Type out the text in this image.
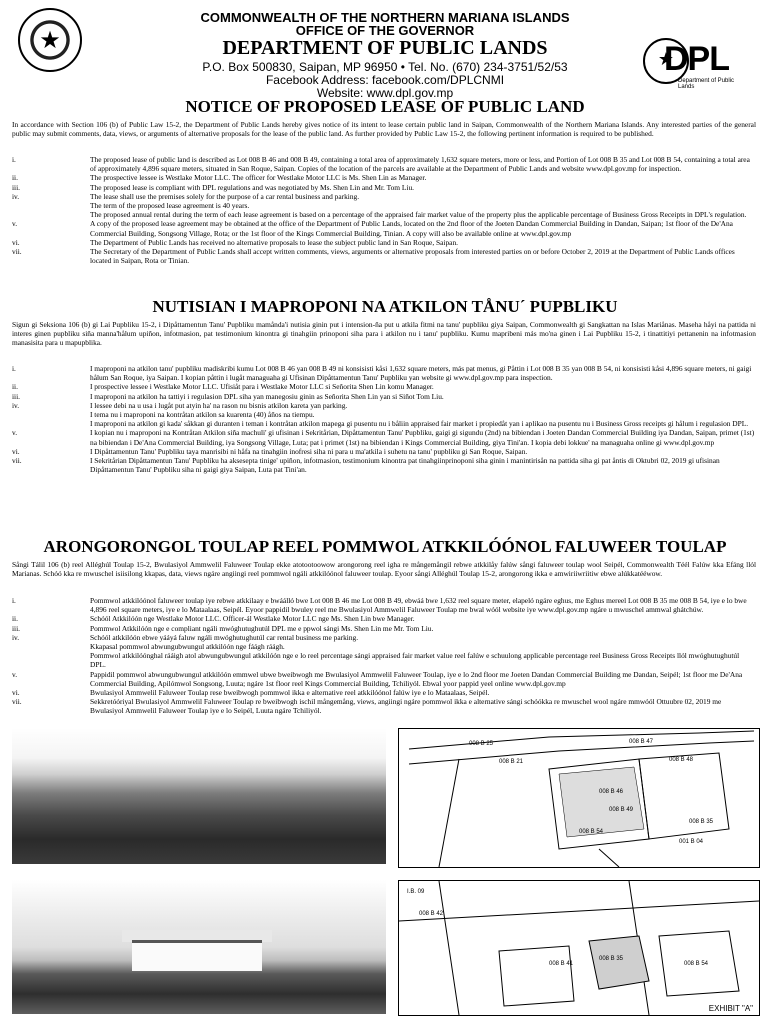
★
COMMONWEALTH OF THE NORTHERN MARIANA ISLANDS
OFFICE OF THE GOVERNOR
DEPARTMENT OF PUBLIC LANDS
P.O. Box 500830, Saipan, MP 96950 • Tel. No. (670) 234-3751/52/53
Facebook Address: facebook.com/DPLCNMI
Website: www.dpl.gov.mp
★
DPL
Department of Public Lands
NOTICE OF PROPOSED LEASE OF PUBLIC LAND
In accordance with Section 106 (b) of Public Law 15-2, the Department of Public Lands hereby gives notice of its intent to lease certain public land in Saipan, Commonwealth of the Northern Mariana Islands. Any interested parties of the general public may submit comments, data, views, or arguments of alternative proposals for the lease of the public land. As further provided by Public Law 15-2, the following pertinent information is required to be published.
i.	The proposed lease of public land is described as Lot 008 B 46 and 008 B 49, containing a total area of approximately 1,632 square meters, more or less, and Portion of Lot 008 B 35 and Lot 008 B 54, containing a total area of approximately 4,896 square meters, situated in San Roque, Saipan. Copies of the location of the parcels are available at the Department of Public Lands and website www.dpl.gov.mp for inspection.
ii.	The prospective lessee is Westlake Motor LLC. The officer for Westlake Motor LLC is Ms. Shen Lin as Manager.
iii.	The proposed lease is compliant with DPL regulations and was negotiated by Ms. Shen Lin and Mr. Tom Liu.
iv.	The lease shall use the premises solely for the purpose of a car rental business and parking.
The term of the proposed lease agreement is 40 years.
The proposed annual rental during the term of each lease agreement is based on a percentage of the appraised fair market value of the property plus the applicable percentage of Business Gross Receipts in DPL's regulation.
v.	A copy of the proposed lease agreement may be obtained at the office of the Department of Public Lands, located on the 2nd floor of the Joeten Dandan Commercial Building in Dandan, Saipan; 1st floor of the De'Ana Commercial Building, Songsong Village, Rota; or the 1st floor of the Kings Commercial Building, Tinian. A copy will also be available online at www.dpl.gov.mp
vi.	The Department of Public Lands has received no alternative proposals to lease the subject public land in San Roque, Saipan.
vii.	The Secretary of the Department of Public Lands shall accept written comments, views, arguments or alternative proposals from interested parties on or before October 2, 2019 at the Department of Public Lands offices located in Saipan, Rota or Tinian.
NUTISIAN I MAPROPONI NA ATKILON TÅNU´ PUPBLIKU
Sigun gi Seksiona 106 (b) gi Lai Pupbliku 15-2, i Dipåttamentun Tanu' Pupbliku mamånda'i nutisia ginin put i intension-ña put u atkila fitmi na tanu' pupbliku giya Saipan, Commonwealth gi Sangkattan na Islas Mariånas. Maseha håyi na pattida ni interes ginen pupbliku siña manna'hålum upiñon, infotmasion, pat testimonium kinontra gi tinahgiin prinoponi siha para i atkilon nu i tanu' pupbliku. Kumu mapribeni más mo'na ginen i Lai Pupbliku 15-2, i tinattitiyi pettanenin na infotmasion manasisita para u mapupblika.
i.	I maproponi na atkilon tanu' pupbliku madiskribi kumu Lot 008 B 46 yan 008 B 49 ni konsisisti kåsi 1,632 square meters, más pat menus, gi Påttin i Lot 008 B 35 yan 008 B 54, ni konsisisti kåsi 4,896 square meters, ni gaigi hålum San Roque, iya Saipan. I kopian påttin i lugåt managuaha gi Ufisinan Dipåttamentun Tanu' Pupbliku yan website gi www.dpl.gov.mp para inspection.
ii.	I prospective lessee i Westlake Motor LLC. Ufisiåt para i Westlake Motor LLC si Señorita Shen Lin komu Manager.
iii.	I maproponi na atkilon ha tattiyi i regulasion DPL siha yan manegosiu ginin as Señorita Shen Lin yan si Siñot Tom Liu.
iv.	I lessee debi na u usa i lugåt put atyin ha' na rason nu bisnis atkilon kareta yan parking.
I tema nu i maproponi na kontråtan atkilon sa kuarenta (40) åños na tiempu.
I maproponi na atkilon gi kada' såkkan gi duranten i teman i kontråtan atkilon mapega gi pusentu nu i båliin appraised fair market i propiedåt yan i aplikao na pusentu nu i Business Gross receipts gi hålum i regulasion DPL.
v.	I kopian nu i maproponi na Kontråtan Atkilon siña machuli' gi ufisinan i Sekritårian, Dipåttamentun Tanu' Pupbliku, gaigi gi sigundu (2nd) na bibiendan i Joeten Dandan Commercial Building iya Dandan, Saipan, primet (1st) na bibiendan i De'Ana Commercial Building, iya Songsong Village, Luta; pat i primet (1st) na bibiendan i Kings Commercial Building, giya Tini'an. I kopia debi lokkue' na managuaha online gi www.dpl.gov.mp
vi.	I Dipåttamentun Tanu' Pupbliku taya manrisibi ni håfa na tinahgiin inofresi siha ni para u ma'atkila i suhetu na tanu' pupbliku gi San Roque, Saipan.
vii.	I Sekritårian Dipåttamentun Tanu' Pupbliku ha aksesepta tinige' upiñon, infotmasion, testimonium kinontra pat tinahgiinprinoponi siha ginin i manintirisån na pattida siha gi pat åntis di Oktubri 02, 2019 gi ufisinan Dipåttamentun Tanu' Pupbliku siha ni gaigi giya Saipan, Luta pat Tini'an.
ARONGORONGOL TOULAP REEL POMMWOL ATKKILÓÓNOL FALUWEER TOULAP
Sångi Tálil 106 (b) reel Alléghúl Toulap 15-2, Bwulasiyol Ammwelil Faluweer Toulap ekke atotootoowow arongorong reel igha re mångemångil rebwe atkkilåy falúw sångi faluweer toulap wool Seipél, Commonwealth Téél Falúw kka Efáng llól Marianas. Schóó kka re mwuschel isiisilong kkapas, data, views ngáre angiingi reel pommwol ngáli atkkilóónol faluweer toulap. Eyoor sångi Alléghúl Toulap 15-2, arongorong ikka e amwiriiwriitiw ebwe alúkkatééwow.
i.	Pommwol atkkilóónol faluweer toulap iye rebwe atkkilaay e bwáálló bwe Lot 008 B 46 me Lot 008 B 49, ebwáá bwe 1,632 reel square meter, elapeló ngáre eghus, me Eghus mereel Lot 008 B 35 me 008 B 54, iye e lo bwe 4,896 reel square meters, iye e lo Mataalaas, Seipél. Eyoor pappidil bwuley reel me Bwulasiyol Ammwelil Faluweer Toulap me bwal wóól website iye www.dpl.gov.mp ngáre u mwuschel ammwal ghátchúw.
ii.	Schóól Atkkilóón nge Westlake Motor LLC. Officer-ál Westlake Motor LLC nge Ms. Shen Lin bwe Manager.
iii.	Pommwol Atkkilóón nge e compliant ngáli mwóghutughutúl DPL me e ppwol sángi Ms. Shen Lin me Mr. Tom Liu.
iv.	Schóól atkkilóón ebwe yááyá faluw ngáli mwóghutughutúl car rental business me parking.
Kkapasal pommwol abwungubwungul atkkilóón nge fáágh ráágh.
Pommwol atkkilóónghal rááigh atol abwungubwungul atkkilóón nge e lo reel percentage sángi appraised fair market value reel falúw e schuulong applicable percentage reel Business Gross Receipts llól mwóghutughutúl DPL.
v.	Pappidil pommwol abwungubwungul atkkilóón emmwel ubwe bweibwogh me Bwulasiyol Ammwelil Faluweer Toulap, iye e lo 2nd floor me Joeten Dandan Commercial Building me Dandan, Seipél; 1st floor me De'Ana Commercial Building, Apilómwol Songsong, Luuta; ngáre 1st floor reel Kings Commercial Building, Tchiliyól. Ebwal yoor pappid yeel online www.dpl.gov.mp
vi.	Bwulasiyol Ammwelil Faluweer Toulap rese bweibwogh pommwol ikka e alternative reel atkkilóónol falúw iye e lo Mataalaas, Seipél.
vii.	Sekkretóóriyal Bwulasiyol Ammwelil Faluweer Toulap re bweibwogh ischil mångemång, views, angiingi ngáre pommwol ikka e alternative sángi schóókka re mwuschel wool ngáre mmwóól Ottuubre 02, 2019 me Bwulasiyol Ammwelil Faluweer Toulap iye e lo Seipél, Luuta ngáre Tchiliyól.
008 B 25
008 B 21
008 B 47
008 B 48
008 B 46
008 B 49
008 B 35
008 B 54
001 B 04
EXHIBIT "A"
I.B. 09
008 B 42
008 B 41
008 B 35
008 B 54
